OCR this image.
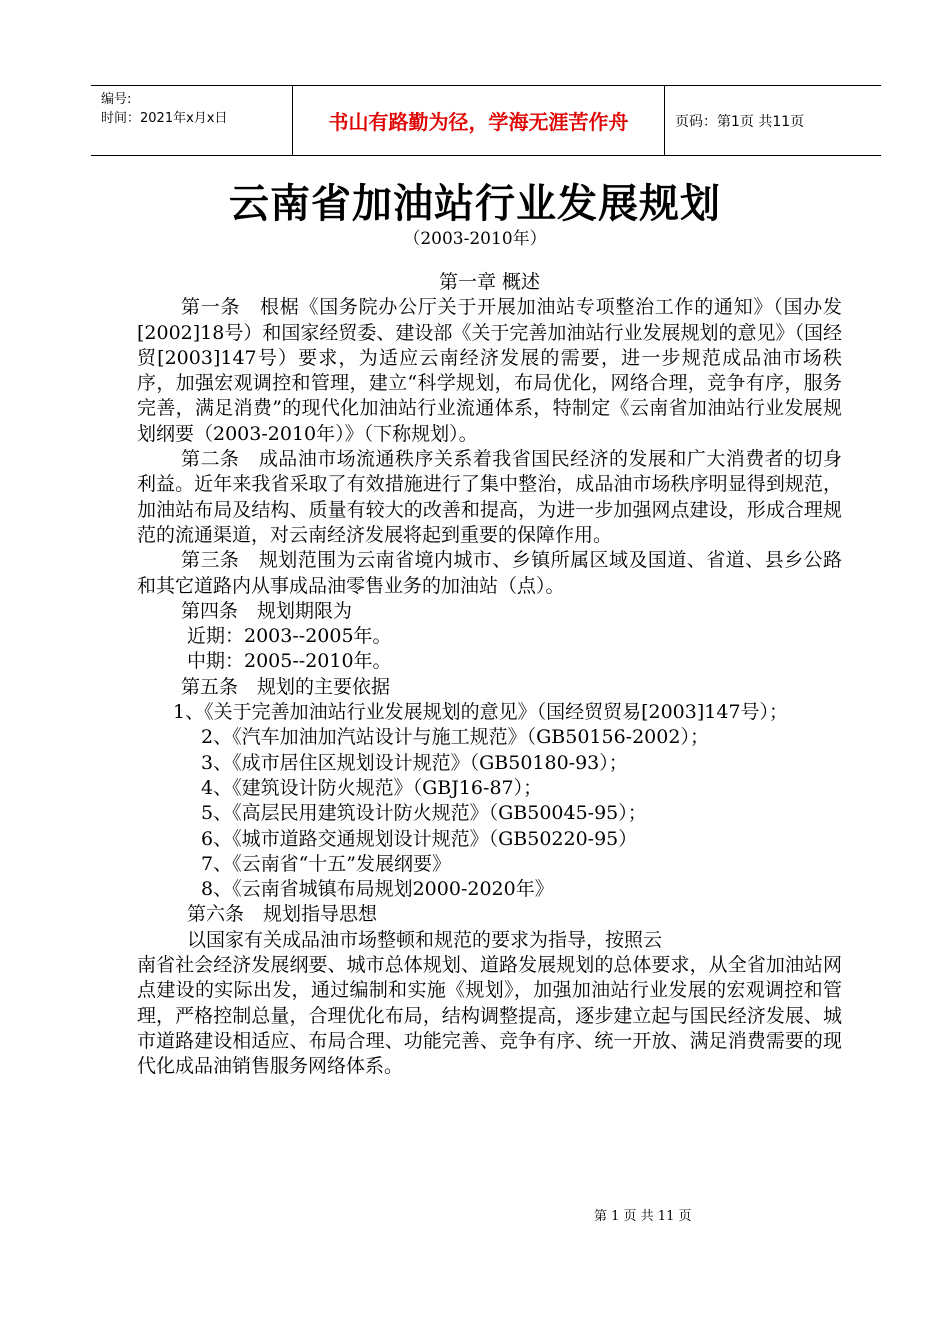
编号:
时间：2021年x月x日	书山有路勤为径，学海无涯苦作舟	页码：第1页 共11页
云南省加油站行业发展规划
（2003-2010年）

第一章 概述

第一条　根椐《国务院办公厅关于开展加油站专项整治工作的通知》（国办发[2002]18号）和国家经贸委、建设部《关于完善加油站行业发展规划的意见》（国经贸[2003]147号）要求，为适应云南经济发展的需要，进一步规范成品油市场秩序，加强宏观调控和管理，建立“科学规划，布局优化，网络合理，竞争有序，服务完善，满足消费”的现代化加油站行业流通体系，特制定《云南省加油站行业发展规划纲要（2003-2010年）》（下称规划）。

第二条　成品油市场流通秩序关系着我省国民经济的发展和广大消费者的切身利益。近年来我省采取了有效措施进行了集中整治，成品油市场秩序明显得到规范，加油站布局及结构、质量有较大的改善和提高，为进一步加强网点建设，形成合理规范的流通渠道，对云南经济发展将起到重要的保障作用。

第三条　规划范围为云南省境内城市、乡镇所属区域及国道、省道、县乡公路和其它道路内从事成品油零售业务的加油站（点）。

第四条　规划期限为

近期：2003--2005年。

中期：2005--2010年。

第五条　规划的主要依据

1、《关于完善加油站行业发展规划的意见》（国经贸贸易[2003]147号）；

2、《汽车加油加汽站设计与施工规范》（GB50156-2002）；

3、《成市居住区规划设计规范》（GB50180-93）；

4、《建筑设计防火规范》（GBJ16-87）；

5、《高层民用建筑设计防火规范》（GB50045-95）；

6、《城市道路交通规划设计规范》（GB50220-95）

7、《云南省“十五”发展纲要》

8、《云南省城镇布局规划2000-2020年》

第六条　规划指导思想

以国家有关成品油市场整顿和规范的要求为指导，按照云

南省社会经济发展纲要、城市总体规划、道路发展规划的总体要求，从全省加油站网点建设的实际出发，通过编制和实施《规划》，加强加油站行业发展的宏观调控和管理，严格控制总量，合理优化布局，结构调整提高，逐步建立起与国民经济发展、城市道路建设相适应、布局合理、功能完善、竞争有序、统一开放、满足消费需要的现代化成品油销售服务网络体系。

第 1 页 共 11 页
